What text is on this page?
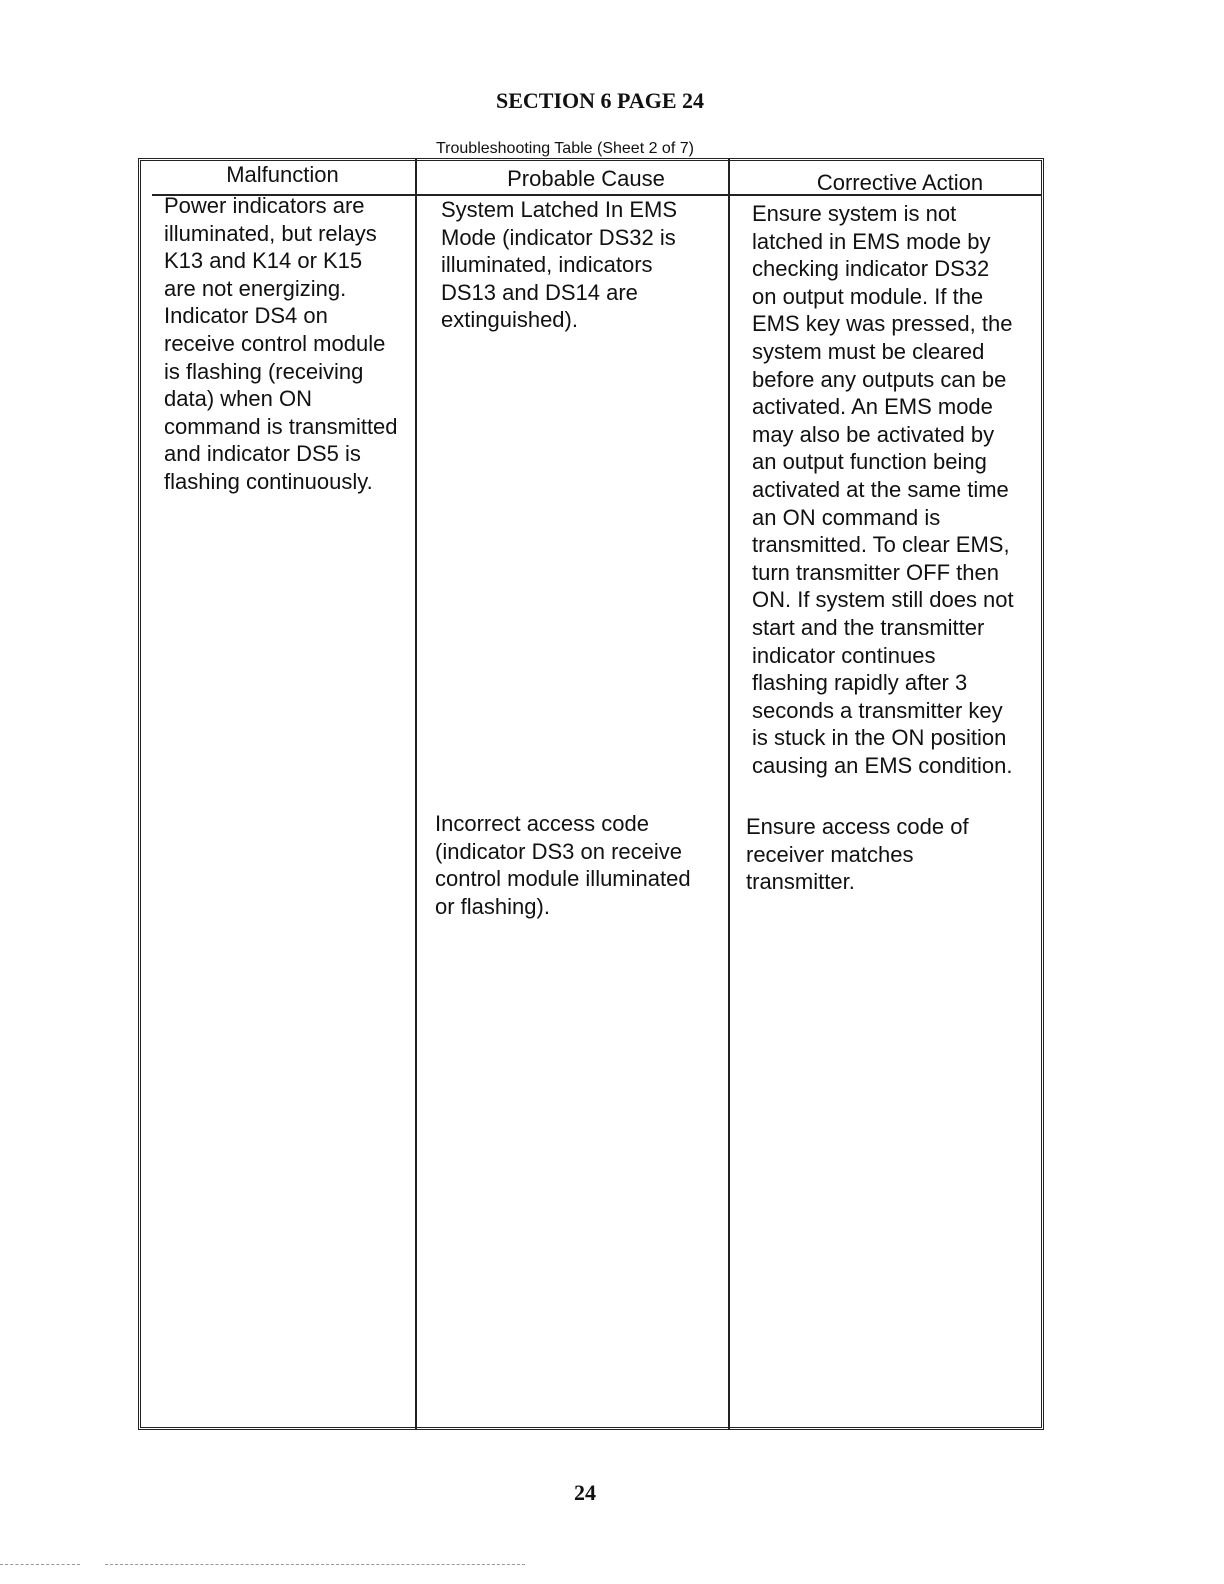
SECTION 6 PAGE 24
Troubleshooting Table (Sheet 2 of 7)
Malfunction	Probable Cause	Corrective Action
Power indicators are
illuminated, but relays
K13 and K14 or K15
are not energizing.
Indicator DS4 on
receive control module
is flashing (receiving
data) when ON
command is transmitted
and indicator DS5 is
flashing continuously.
System Latched In EMS
Mode (indicator DS32 is
illuminated, indicators
DS13 and DS14 are
extinguished).
Ensure system is not
latched in EMS mode by
checking indicator DS32
on output module. If the
EMS key was pressed, the
system must be cleared
before any outputs can be
activated. An EMS mode
may also be activated by
an output function being
activated at the same time
an ON command is
transmitted. To clear EMS,
turn transmitter OFF then
ON. If system still does not
start and the transmitter
indicator continues
flashing rapidly after 3
seconds a transmitter key
is stuck in the ON position
causing an EMS condition.
Incorrect access code
(indicator DS3 on receive
control module illuminated
or flashing).
Ensure access code of
receiver matches
transmitter.
24
